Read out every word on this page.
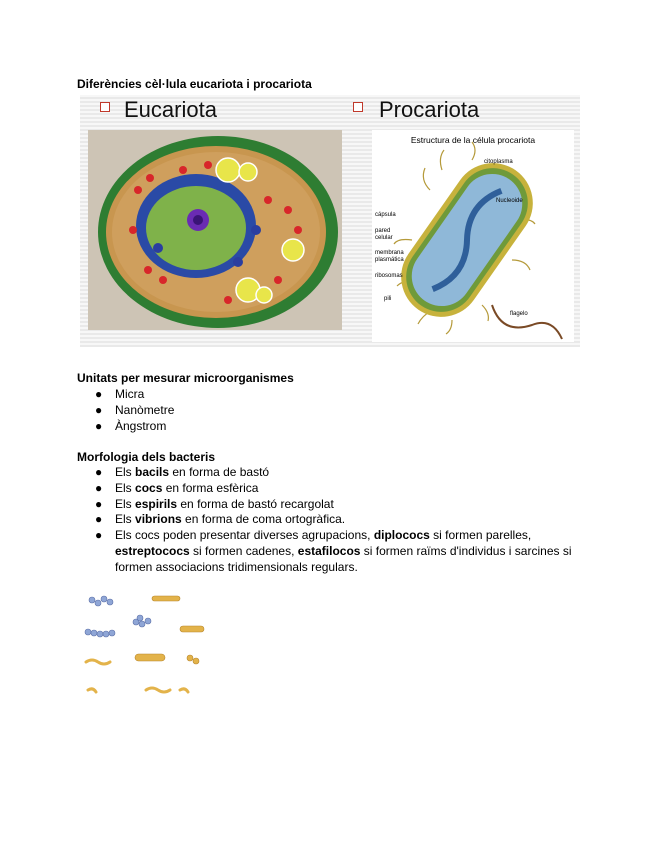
Diferències cèl·lula eucariota i procariota
Eucariota	Procariota
Estructura de la célula procariota
citoplasma
Nucleoide
cápsula
pared
celular
membrana
plasmática
ribosomas
pili
flagelo
Unitats per mesurar microorganismes
● Micra
● Nanòmetre
● Àngstrom
Morfologia dels bacteris
● Els bacils en forma de bastó
● Els cocs en forma esfèrica
● Els espirils en forma de bastó recargolat
● Els vibrions en forma de coma ortogràfica.
● Els cocs poden presentar diverses agrupacions, diplococs si formen parelles,
estreptococs si formen cadenes, estafilocos si formen raïms d'individus i sarcines si
formen associacions tridimensionals regulars.
